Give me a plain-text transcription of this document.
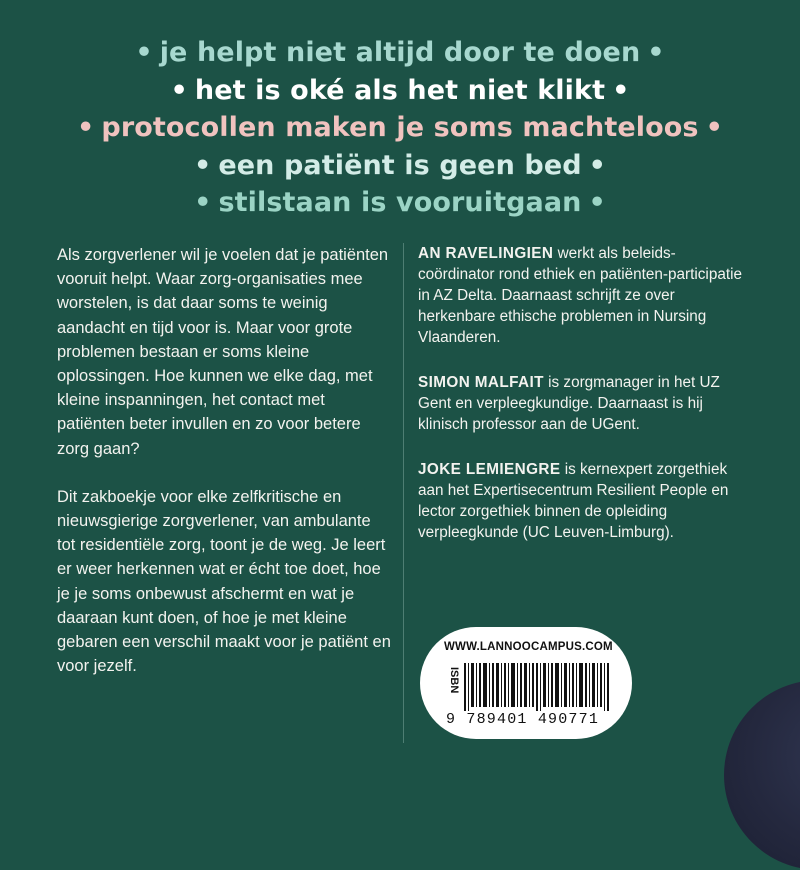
• je helpt niet altijd door te doen •
• het is oké als het niet klikt •
• protocollen maken je soms machteloos •
• een patiënt is geen bed •
• stilstaan is vooruitgaan •

Als zorgverlener wil je voelen dat je patiënten vooruit helpt. Waar zorg-organisaties mee worstelen, is dat daar soms te weinig aandacht en tijd voor is. Maar voor grote problemen bestaan er soms kleine oplossingen. Hoe kunnen we elke dag, met kleine inspanningen, het contact met patiënten beter invullen en zo voor betere zorg gaan?

Dit zakboekje voor elke zelfkritische en nieuwsgierige zorgverlener, van ambulante tot residentiële zorg, toont je de weg. Je leert er weer herkennen wat er écht toe doet, hoe je je soms onbewust afschermt en wat je daaraan kunt doen, of hoe je met kleine gebaren een verschil maakt voor je patiënt en voor jezelf.

AN RAVELINGIEN werkt als beleids-coördinator rond ethiek en patiënten-participatie in AZ Delta. Daarnaast schrijft ze over herkenbare ethische problemen in Nursing Vlaanderen.

SIMON MALFAIT is zorgmanager in het UZ Gent en verpleegkundige. Daarnaast is hij klinisch professor aan de UGent.

JOKE LEMIENGRE is kernexpert zorgethiek aan het Expertisecentrum Resilient People en lector zorgethiek binnen de opleiding verpleegkunde (UC Leuven-Limburg).

WWW.LANNOOCAMPUS.COM
ISBN
9 789401 490771
